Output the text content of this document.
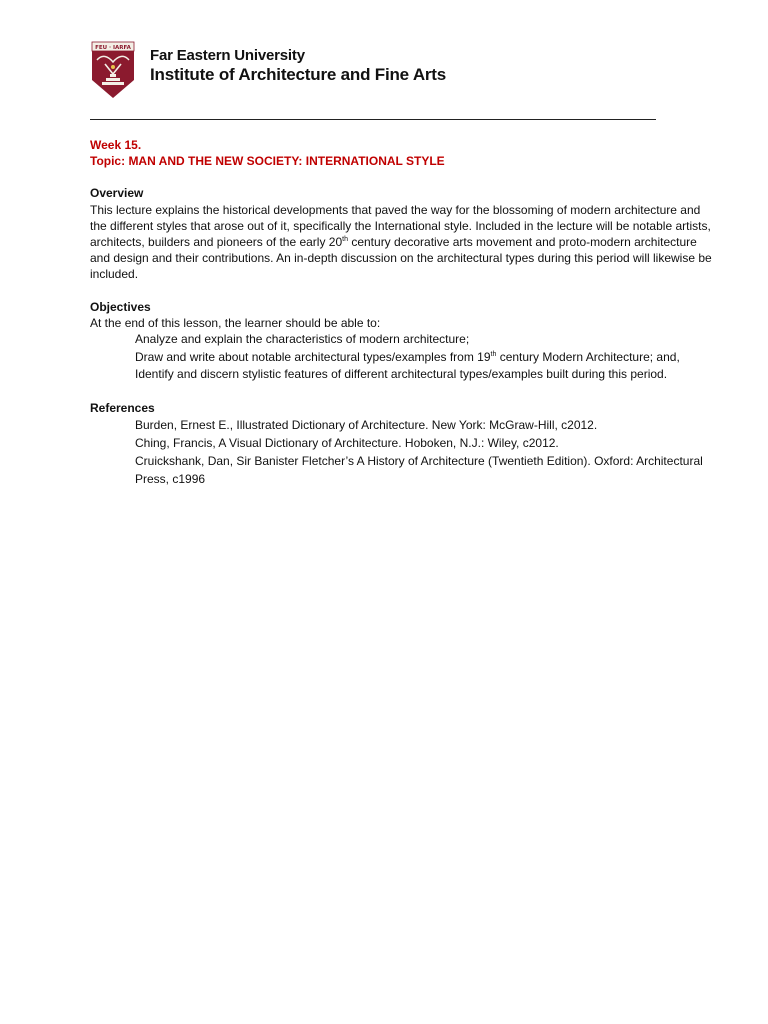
FEU · IARFA Far Eastern University
Institute of Architecture and Fine Arts
Week 15.
Topic: MAN AND THE NEW SOCIETY: INTERNATIONAL STYLE
Overview
This lecture explains the historical developments that paved the way for the blossoming of modern architecture and
the different styles that arose out of it, specifically the International style. Included in the lecture will be notable artists,
architects, builders and pioneers of the early 20th century decorative arts movement and proto-modern architecture
and design and their contributions. An in-depth discussion on the architectural types during this period will likewise be
included.
Objectives
At the end of this lesson, the learner should be able to:
Analyze and explain the characteristics of modern architecture;
Draw and write about notable architectural types/examples from 19th century Modern Architecture; and,
Identify and discern stylistic features of different architectural types/examples built during this period.
References
Burden, Ernest E., Illustrated Dictionary of Architecture. New York: McGraw-Hill, c2012.
Ching, Francis, A Visual Dictionary of Architecture. Hoboken, N.J.: Wiley, c2012.
Cruickshank, Dan, Sir Banister Fletcher’s A History of Architecture (Twentieth Edition). Oxford: Architectural
Press, c1996
